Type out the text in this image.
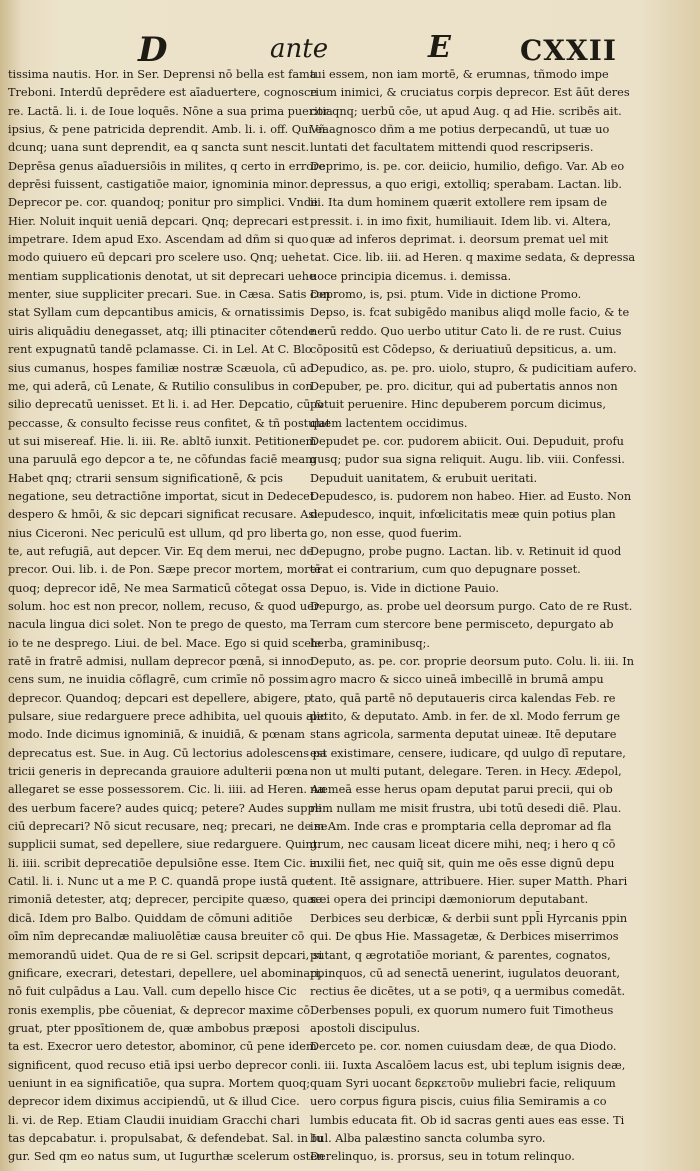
D	ante	E CXXII
tissima nautis. Hor. in Ser. Deprensi nō bella est fama
Treboni. Interdū deprēdere est aīaduertere, cognosce
re. Lactā. li. i. de Ioue loquēs. Nōne a sua prima pueritia
ipsius, & pene patricida deprendit. Amb. li. i. off. Qui ea
dcunq; uana sunt deprendit, ea q sancta sunt nescit.
Deprēsa genus aīaduersiōis in milites, q certo in errore
deprēsi fuissent, castigatiōe maior, ignominia minor.
Deprecor pe. cor. quandoq; ponitur pro simplici. Vnde
Hier. Noluit inquit ueniā depcari. Qnq; deprecari est
impetrare. Idem apud Exo. Ascendam ad dñm si quo
modo quiuero eū depcari pro scelere uso. Qnq; uehe
mentiam supplicationis denotat, ut sit deprecari uehe
menter, siue suppliciter precari. Sue. in Cæsa. Satis con
stat Syllam cum depcantibus amicis, & ornatissimis
uiris aliquādiu denegasset, atq; illi ptinaciter cōtende
rent expugnatū tandē pclamasse. Ci. in Lel. At C. Blo
sius cumanus, hospes familiæ nostræ Scæuola, cū ad
me, qui aderā, cū Lenate, & Rutilio consulibus in con
silio deprecatū uenisset. Et li. i. ad Her. Depcatio, cū &
peccasse, & consulto fecisse reus confitet, & tñ postulat
ut sui misereaf. Hie. li. iii. Re. abltō iunxit. Petitionem
una paruulā ego depcor a te, ne cōfundas faciē meam
Habet qnq; ctrarii sensum significationē, & pcis
negatione, seu detractiōne importat, sicut in Dedecet
despero & hmōi, & sic depcari significat recusare. Asi
nius Ciceroni. Nec periculū est ullum, qd pro liberta
te, aut refugiā, aut depcer. Vir. Eq dem merui, nec de
precor. Oui. lib. i. de Pon. Sæpe precor mortem, mortē
quoq; deprecor idē, Ne mea Sarmaticū cōtegat ossa
solum. hoc est non precor, nollem, recuso, & quod uer
nacula lingua dici solet. Non te prego de questo, ma
io te ne desprego. Liui. de bel. Mace. Ego si quid scele
ratē in fratrē admisi, nullam deprecor pœnā, si innoc
cens sum, ne inuidia cōflagrē, cum crimīe nō possim
deprecor. Quandoq; depcari est depellere, abigere, p
pulsare, siue redarguere prece adhibita, uel quouis alio
modo. Inde dicimus ignominiā, & inuidiā, & pœnam
deprecatus est. Sue. in Aug. Cū lectorius adolescens pa
tricii generis in deprecanda grauiore adulterii pœna
allegaret se esse possessorem. Cic. li. iiii. ad Heren. Au
des uerbum facere? audes quicq; petere? Audes suppli
ciū deprecari? Nō sicut recusare, neq; precari, ne de se
supplicii sumat, sed depellere, siue redarguere. Quint.
li. iiii. scribit deprecatiōe depulsiōne esse. Item Cic. in
Catil. li. i. Nunc ut a me P. C. quandā prope iustā que
rimoniā detester, atq; deprecer, percipite quæso, quæ
dicā. Idem pro Balbo. Quiddam de cōmuni aditiōe
oīm nīm deprecandæ maliuolētiæ causa breuiter cō
memorandū uidet. Qua de re si Gel. scripsit depcari, si
gnificare, execrari, detestari, depellere, uel abominari,
nō fuit culpādus a Lau. Vall. cum depello hisce Cic
ronis exemplis, pbe cōueniat, & deprecor maxime cō
gruat, pter pposītionem de, quæ ambobus præposi
ta est. Execror uero detestor, abominor, cū pene idem
significent, quod recuso etiā ipsi uerbo deprecor con
ueniunt in ea significatiōe, qua supra. Mortem quoq;
deprecor idem diximus accipiendū, ut & illud Cice.
li. vi. de Rep. Etiam Claudii inuidiam Gracchi chari
tas depcabatur. i. propulsabat, & defendebat. Sal. in Iu
gur. Sed qm eo natus sum, ut Iugurthæ scelerum osten
tui essem, non iam mortē, & erumnas, tñmodo impe
rium inimici, & cruciatus corpis deprecor. Est āūt deres
cor qnq; uerbū cōe, ut apud Aug. q ad Hie. scribēs ait.
Vñ agnosco dñm a me potius derpecandū, ut tuæ uo
luntati det facultatem mittendi quod rescripseris.
Deprimo, is. pe. cor. deiicio, humilio, defigo. Var. Ab eo
depressus, a quo erigi, extolliq; sperabam. Lactan. lib.
iii. Ita dum hominem quærit extollere rem ipsam de
pressit. i. in imo fixit, humiliauit. Idem lib. vi. Altera,
quæ ad inferos deprimat. i. deorsum premat uel mit
tat. Cice. lib. iii. ad Heren. q maxime sedata, & depressa
uoce principia dicemus. i. demissa.
Depromo, is, psi. ptum. Vide in dictione Promo.
Depso, is. fcat subigēdo manibus aliqd molle facio, & te
nerū reddo. Quo uerbo utitur Cato li. de re rust. Cuius
cōpositū est Cōdepso, & deriuatiuū depsiticus, a. um.
Depudico, as. pe. pro. uiolo, stupro, & pudicitiam aufero.
Depuber, pe. pro. dicitur, qui ad pubertatis annos non
potuit peruenire. Hinc depuberem porcum dicimus,
quem lactentem occidimus.
Depudet pe. cor. pudorem abiicit. Oui. Depuduit, profu
gusq; pudor sua signa reliquit. Augu. lib. viii. Confessi.
Depuduit uanitatem, & erubuit ueritati.
Depudesco, is. pudorem non habeo. Hier. ad Eusto. Non
depudesco, inquit, infœlicitatis meæ quin potius plan
go, non esse, quod fuerim.
Depugno, probe pugno. Lactan. lib. v. Retinuit id quod
erat ei contrarium, cum quo depugnare posset.
Depuo, is. Vide in dictione Pauio.
Depurgo, as. probe uel deorsum purgo. Cato de re Rust.
Terram cum stercore bene permisceto, depurgato ab
herba, graminibusq;.
Deputo, as. pe. cor. proprie deorsum puto. Colu. li. iii. In
agro macro & sicco uineā imbecillē in brumā ampu
tato, quā partē nō deputaueris circa kalendas Feb. re
petito, & deputato. Amb. in fer. de xl. Modo ferrum ge
stans agricola, sarmenta deputat uineæ. Itē deputare
est existimare, censere, iudicare, qd uulgo dī reputare,
non ut multi putant, delegare. Teren. in Hecy. Ædepol,
næmeā esse herus opam deputat parui precii, qui ob
rem nullam me misit frustra, ubi totū desedi diē. Plau.
im Am. Inde cras e promptaria cella depromar ad fla
grum, nec causam liceat dicere mihi, neq; i hero q cō
auxilii fiet, nec quiq̄ sit, quin me oēs esse dignū depu
tent. Itē assignare, attribuere. Hier. super Matth. Phari
sæi opera dei principi dæmoniorum deputabant.
Derbices seu derbicæ, & derbii sunt ppl̄i Hyrcanis ppin
qui. De qbus Hie. Massagetæ, & Derbices miserrimos
putant, q ægrotatiōe moriant, & parentes, cognatos,
ppinquos, cū ad senectā uenerint, iugulatos deuorant,
rectius ēe dicētes, ut a se potiꝰ, q a uermibus comedāt.
Derbenses populi, ex quorum numero fuit Timotheus
apostoli discipulus.
Derceto pe. cor. nomen cuiusdam deæ, de qua Diodo.
li. iii. Iuxta Ascalōem lacus est, ubi teplum isignis deæ,
quam Syri uocant δερκετοῦν muliebri facie, reliquum
uero corpus figura piscis, cuius filia Semiramis a co
lumbis educata fit. Ob id sacras genti aues eas esse. Ti
bul. Alba palæstino sancta columba syro.
Derelinquo, is. prorsus, seu in totum relinquo.
